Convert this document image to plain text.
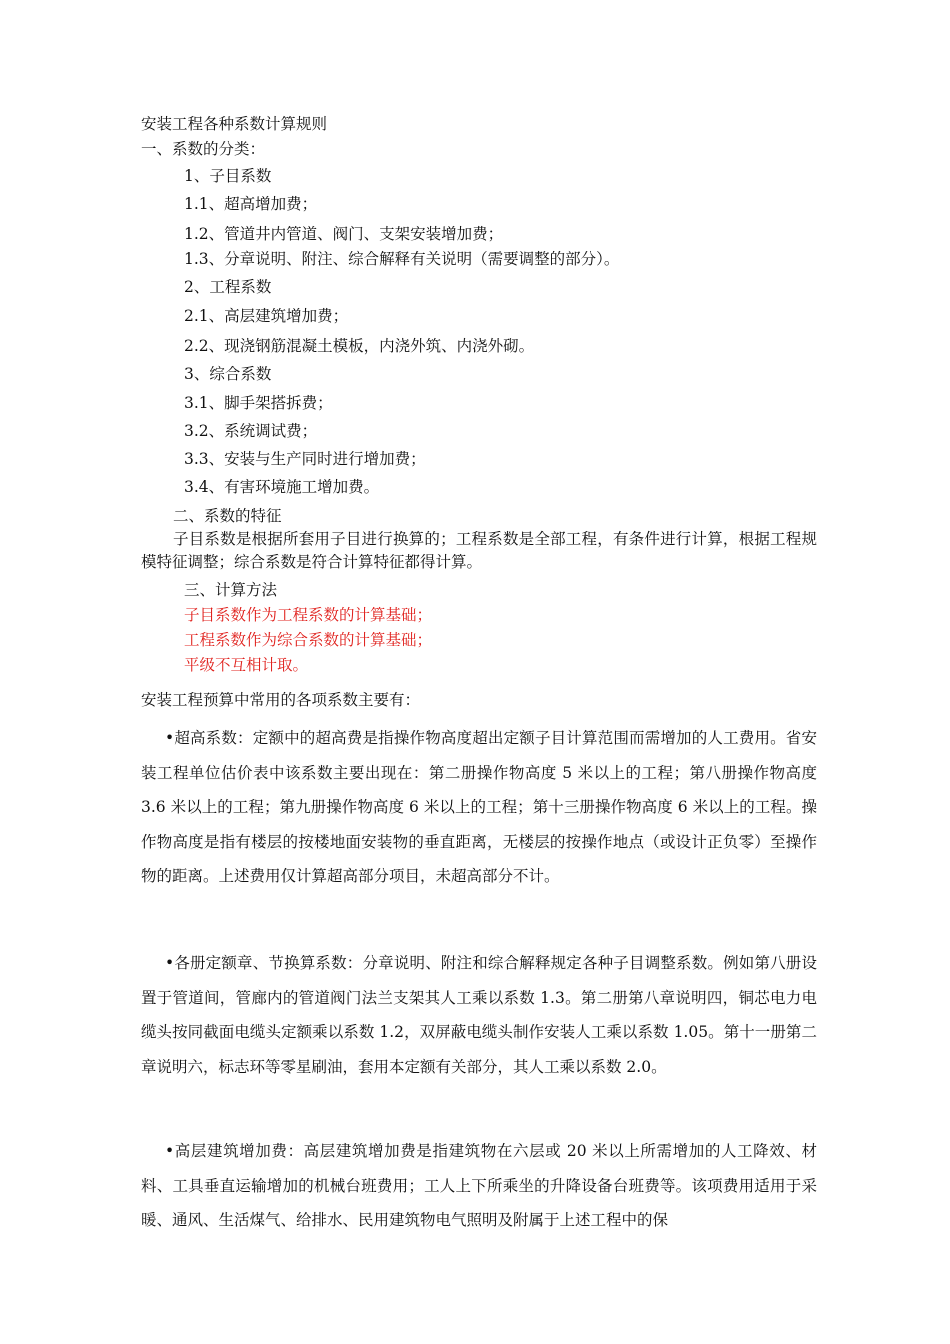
安装工程各种系数计算规则
一、系数的分类：
1、子目系数
1.1、超高增加费；
1.2、管道井内管道、阀门、支架安装增加费；
1.3、分章说明、附注、综合解释有关说明（需要调整的部分）。
2、工程系数
2.1、高层建筑增加费；
2.2、现浇钢筋混凝土模板，内浇外筑、内浇外砌。
3、综合系数
3.1、脚手架搭拆费；
3.2、系统调试费；
3.3、安装与生产同时进行增加费；
3.4、有害环境施工增加费。
二、系数的特征
子目系数是根据所套用子目进行换算的；工程系数是全部工程，有条件进行计算，根据工程规模特征调整；综合系数是符合计算特征都得计算。
三、计算方法
子目系数作为工程系数的计算基础；
工程系数作为综合系数的计算基础；
平级不互相计取。
安装工程预算中常用的各项系数主要有：
•超高系数：定额中的超高费是指操作物高度超出定额子目计算范围而需增加的人工费用。省安装工程单位估价表中该系数主要出现在：第二册操作物高度 5 米以上的工程；第八册操作物高度 3.6 米以上的工程；第九册操作物高度 6 米以上的工程；第十三册操作物高度 6 米以上的工程。操作物高度是指有楼层的按楼地面安装物的垂直距离，无楼层的按操作地点（或设计正负零）至操作物的距离。上述费用仅计算超高部分项目，未超高部分不计。
•各册定额章、节换算系数：分章说明、附注和综合解释规定各种子目调整系数。例如第八册设置于管道间，管廊内的管道阀门法兰支架其人工乘以系数 1.3。第二册第八章说明四，铜芯电力电缆头按同截面电缆头定额乘以系数 1.2，双屏蔽电缆头制作安装人工乘以系数 1.05。第十一册第二章说明六，标志环等零星刷油，套用本定额有关部分，其人工乘以系数 2.0。
•高层建筑增加费：高层建筑增加费是指建筑物在六层或 20 米以上所需增加的人工降效、材料、工具垂直运输增加的机械台班费用；工人上下所乘坐的升降设备台班费等。该项费用适用于采暖、通风、生活煤气、给排水、民用建筑物电气照明及附属于上述工程中的保
